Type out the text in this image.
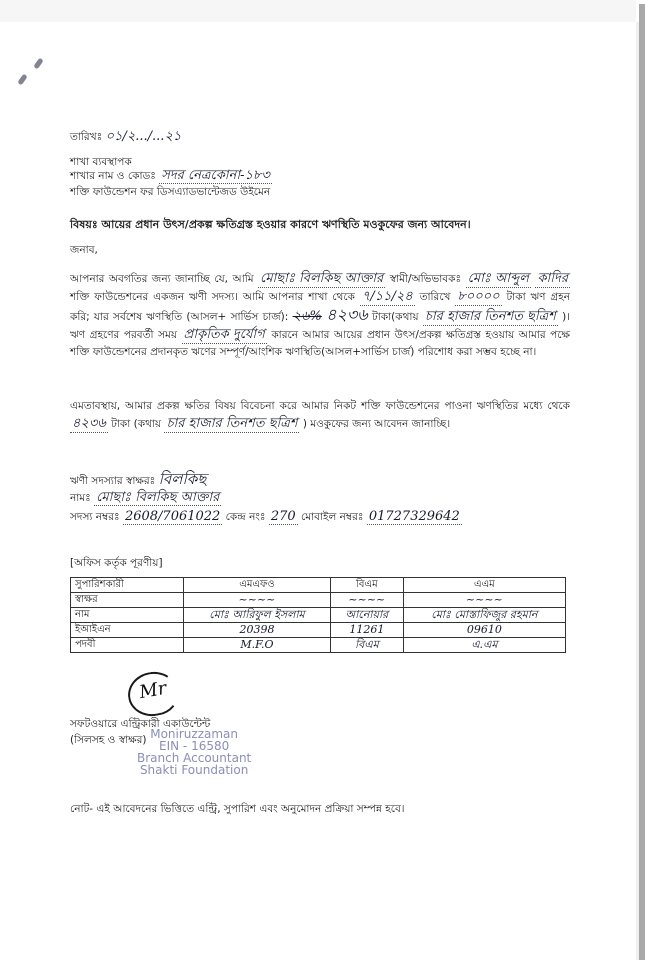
তারিখঃ ০১/২.../...২১
শাখা ব্যবস্থাপক
শাখার নাম ও কোডঃ সদর নেত্রকোনা-১৮৩
শক্তি ফাউন্ডেশন ফর ডিসএ্যাডভান্টেজড উইমেন
বিষয়ঃ আয়ের প্রধান উৎস/প্রকল্প ক্ষতিগ্রস্ত হওয়ার কারণে ঋণস্থিতি মওকুফের জন্য আবেদন।
জনাব,
আপনার অবগতির জন্য জানাচ্ছি যে, আমি মোছাঃ বিলকিছ আক্তার স্বামী/অভিভাবকঃ মোঃ আব্দুল কাদির শক্তি ফাউন্ডেশনের একজন ঋণী সদস্য। আমি আপনার শাখা থেকে ৭/১১/২৪ তারিখে ৮০০০০ টাকা ঋণ গ্রহন করি; যার সর্বশেষ ঋণস্থিতি (আসল+ সার্ভিস চার্জ): ২৬% ৪২৩৬ টাকা(কথায় চার হাজার তিনশত ছত্রিশ )। ঋণ গ্রহণের পরবর্তী সময় প্রাকৃতিক দুর্যোগ কারনে আমার আয়ের প্রধান উৎস/প্রকল্প ক্ষতিগ্রস্ত হওয়ায় আমার পক্ষে শক্তি ফাউন্ডেশনের প্রদানকৃত ঋণের সম্পূর্ণ/আংশিক ঋণস্থিতি(আসল+সার্ভিস চার্জ) পরিশোধ করা সম্ভব হচ্ছে না।
এমতাবস্থায়, আমার প্রকল্প ক্ষতির বিষয় বিবেচনা করে আমার নিকট শক্তি ফাউন্ডেশনের পাওনা ঋণস্থিতির মধ্যে থেকে ৪২৩৬ টাকা (কথায় চার হাজার তিনশত ছত্রিশ ) মওকুফের জন্য আবেদন জানাচ্ছি।
ঋণী সদস্যার স্বাক্ষরঃ বিলকিছ
নামঃ মোছাঃ বিলকিছ আক্তার
সদস্য নম্বরঃ 2608/7061022 কেন্দ্র নংঃ 270 মোবাইল নম্বরঃ 01727329642
[অফিস কর্তৃক পূরণীয়]
সুপারিশকারী	এমএফও	বিএম	এএম
স্বাক্ষর	~~~~	~~~~	~~~~
নাম	মোঃ আরিফুল ইসলাম	আনোয়ার	মোঃ মোস্তাফিজুর রহমান
ইআইএন	20398	11261	09610
পদবী	M.F.O	বিএম	এ.এম
Mr
সফটওয়ারে এন্ট্রিকারী একাউন্টেন্ট
(সিলসহ ও স্বাক্ষর) Moniruzzaman
EIN - 16580
Branch Accountant
Shakti Foundation
নোট- এই আবেদনের ভিত্তিতে এন্ট্রি, সুপারিশ এবং অনুমোদন প্রক্রিয়া সম্পন্ন হবে।
